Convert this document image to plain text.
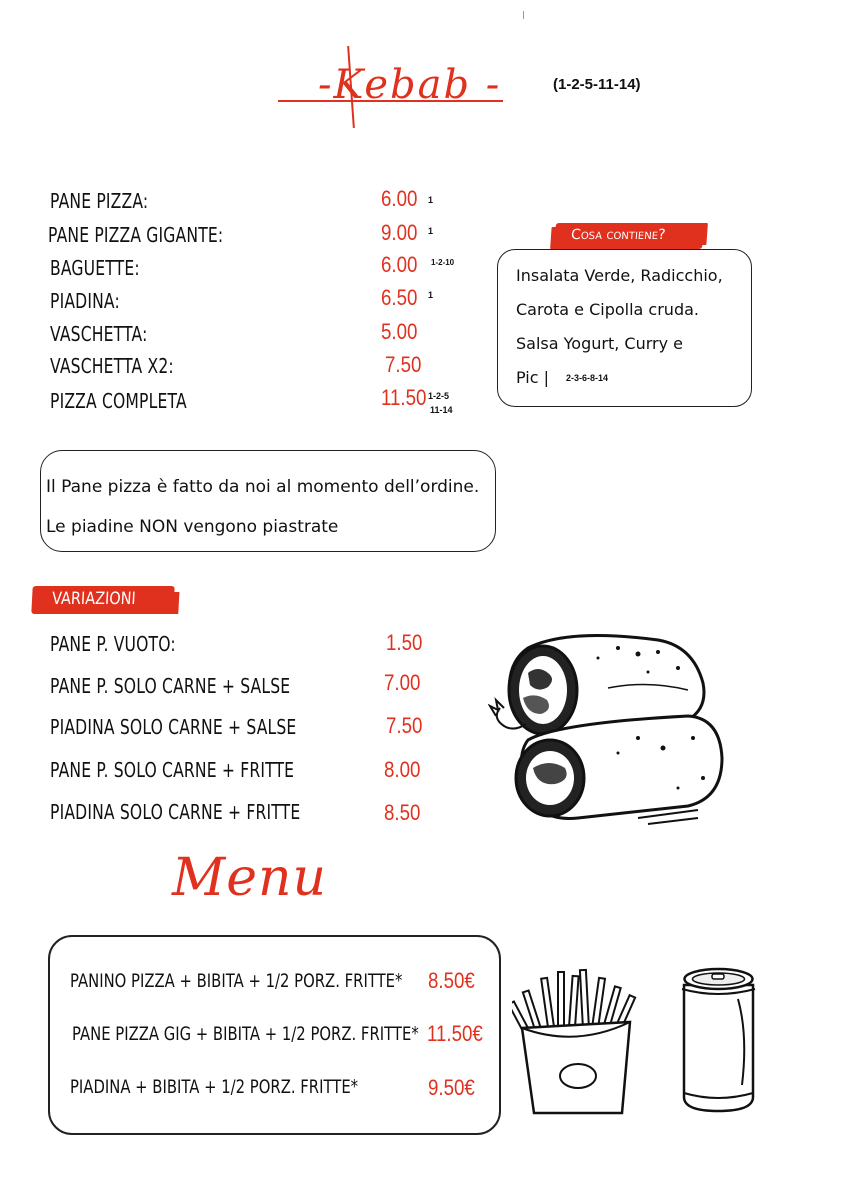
-Kebab -	(1-2-5-11-14)
PANE PIZZA:	6.00 1
PANE PIZZA GIGANTE:	9.00 1
BAGUETTE:	6.00 1-2-10
PIADINA:	6.50 1
VASCHETTA:	5.00
VASCHETTA X2:	7.50
PIZZA COMPLETA	11.50 1-2-5
11-14
Cosa contiene?
Insalata Verde, Radicchio,
Carota e Cipolla cruda.
Salsa Yogurt, Curry e
Pic | 2-3-6-8-14
Il Pane pizza è fatto da noi al momento dell’ordine.
Le piadine NON vengono piastrate
VARIAZIONI
PANE P. VUOTO:	1.50
PANE P. SOLO CARNE + SALSE	7.00
PIADINA SOLO CARNE + SALSE	7.50
PANE P. SOLO CARNE + FRITTE	8.00
PIADINA SOLO CARNE + FRITTE	8.50
Menu
PANINO PIZZA + BIBITA + 1/2 PORZ. FRITTE* 8.50€
PANE PIZZA GIG + BIBITA + 1/2 PORZ. FRITTE* 11.50€
PIADINA + BIBITA + 1/2 PORZ. FRITTE*	9.50€
